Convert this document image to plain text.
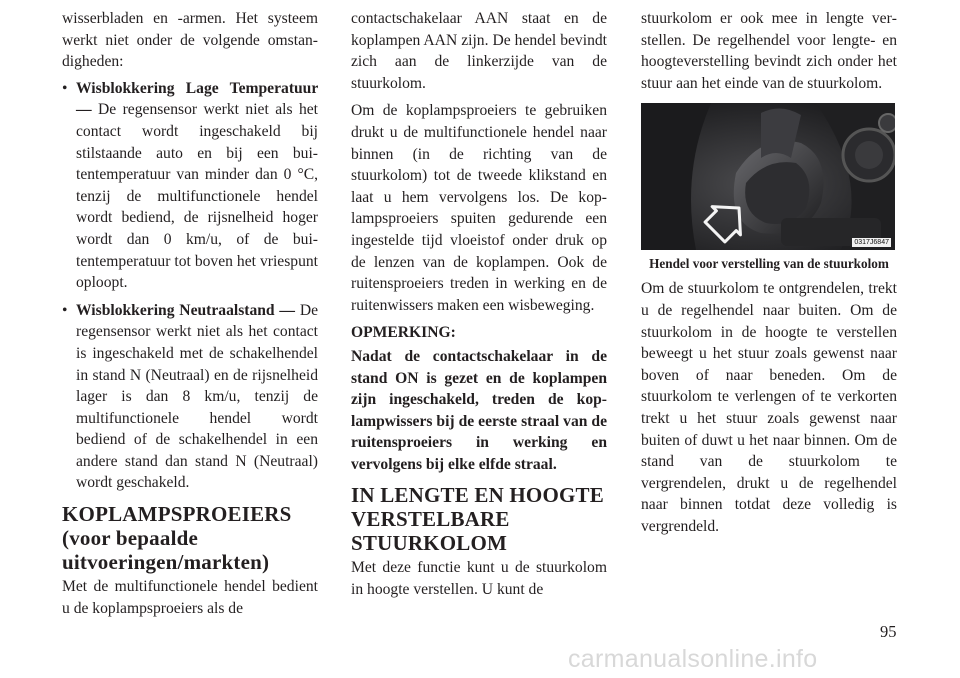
wisserbladen en -armen. Het systeem werkt niet onder de volgende omstandigheden:

• Wisblokkering Lage Temperatuur — De regensensor werkt niet als het contact wordt ingeschakeld bij stilstaande auto en bij een buitentemperatuur van minder dan 0 °C, tenzij de multifunctionele hendel wordt bediend, de rijsnelheid hoger wordt dan 0 km/u, of de buitentemperatuur tot boven het vriespunt oploopt.
• Wisblokkering Neutraalstand — De regensensor werkt niet als het contact is ingeschakeld met de schakelhendel in stand N (Neutraal) en de rijsnelheid lager is dan 8 km/u, tenzij de multifunctionele hendel wordt bediend of de schakelhendel in een andere stand dan stand N (Neutraal) wordt geschakeld.
KOPLAMPSPROEIERS (voor bepaalde uitvoeringen/markten)

Met de multifunctionele hendel bedient u de koplampsproeiers als de

contactschakelaar AAN staat en de koplampen AAN zijn. De hendel bevindt zich aan de linkerzijde van de stuurkolom.

Om de koplampsproeiers te gebruiken drukt u de multifunctionele hendel naar binnen (in de richting van de stuurkolom) tot de tweede klikstand en laat u hem vervolgens los. De koplampsproeiers spuiten gedurende een ingestelde tijd vloeistof onder druk op de lenzen van de koplampen. Ook de ruitensproeiers treden in werking en de ruitenwissers maken een wisbeweging.

OPMERKING:

Nadat de contactschakelaar in de stand ON is gezet en de koplampen zijn ingeschakeld, treden de koplampwissers bij de eerste straal van de ruitensproeiers in werking en vervolgens bij elke elfde straal.

IN LENGTE EN HOOGTE VERSTELBARE STUURKOLOM

Met deze functie kunt u de stuurkolom in hoogte verstellen. U kunt de

stuurkolom er ook mee in lengte verstellen. De regelhendel voor lengte- en hoogteverstelling bevindt zich onder het stuur aan het einde van de stuurkolom.

0317J6847
Hendel voor verstelling van de stuurkolom

Om de stuurkolom te ontgrendelen, trekt u de regelhendel naar buiten. Om de stuurkolom in de hoogte te verstellen beweegt u het stuur zoals gewenst naar boven of naar beneden. Om de stuurkolom te verlengen of te verkorten trekt u het stuur zoals gewenst naar buiten of duwt u het naar binnen. Om de stand van de stuurkolom te vergrendelen, drukt u de regelhendel naar binnen totdat deze volledig is vergrendeld.

95
carmanualsonline.info
